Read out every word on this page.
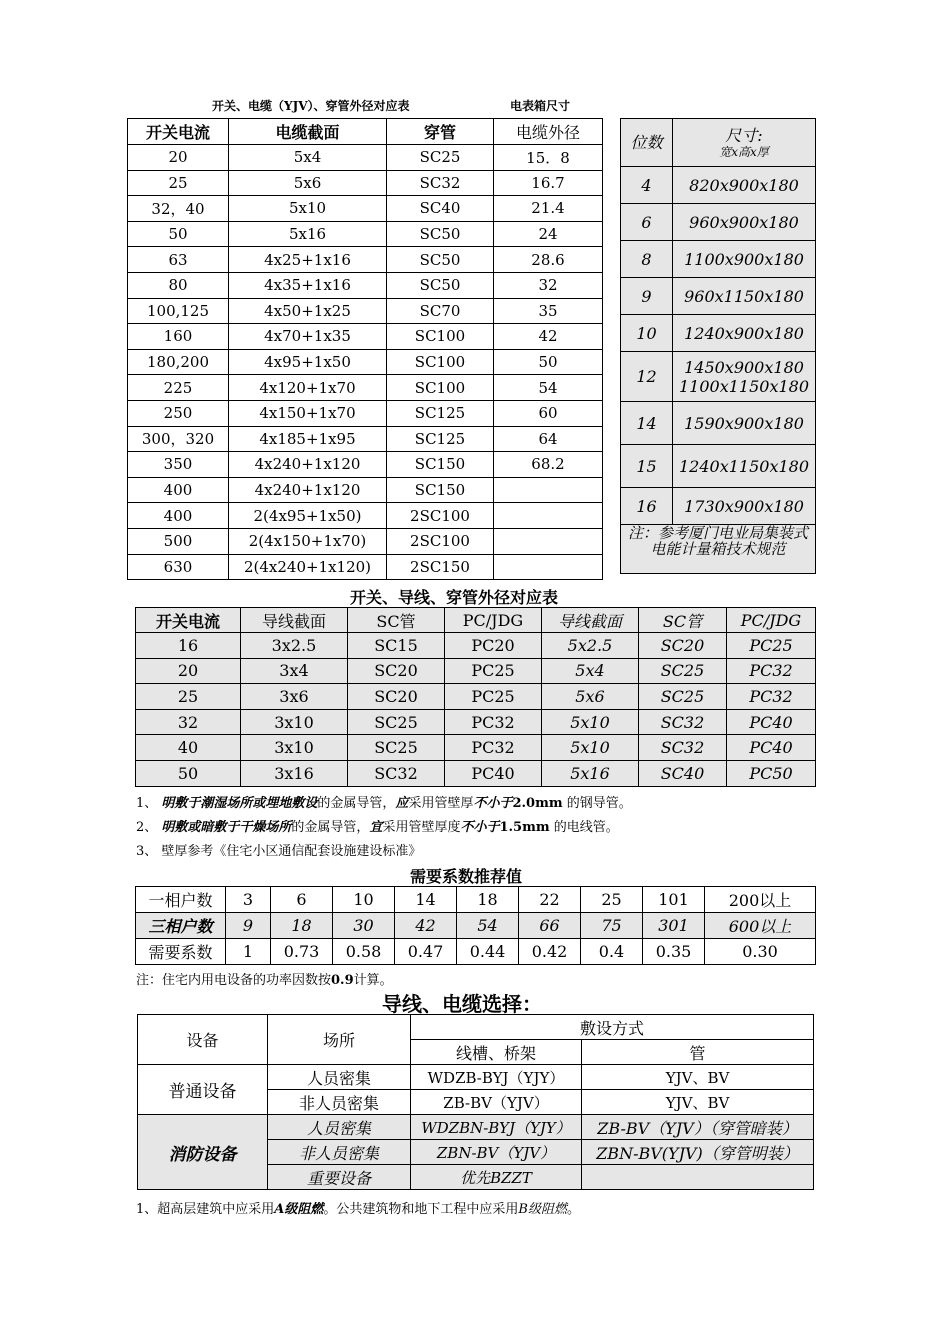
开关、电缆（YJV）、穿管外径对应表	电表箱尺寸
开关电流	电缆截面	穿管	电缆外径
20	5x4	SC25	15．8
25	5x6	SC32	16.7
32，40	5x10	SC40	21.4
50	5x16	SC50	24
63	4x25+1x16	SC50	28.6
80	4x35+1x16	SC50	32
100,125	4x50+1x25	SC70	35
160	4x70+1x35	SC100	42
180,200	4x95+1x50	SC100	50
225	4x120+1x70	SC100	54
250	4x150+1x70	SC125	60
300，320	4x185+1x95	SC125	64
350	4x240+1x120	SC150	68.2
400	4x240+1x120	SC150	
400	2(4x95+1x50)	2SC100	
500	2(4x150+1x70)	2SC100	
630	2(4x240+1x120)	2SC150	
位数	尺寸:
宽x高x厚

4	820x900x180

6	960x900x180

8	1100x900x180

9	960x1150x180

10	1240x900x180

12	1450x900x180
1100x1150x180

14	1590x900x180

15	1240x1150x180

16	1730x900x180

注：参考厦门电业局集装式电能计量箱技术规范	
开关、导线、穿管外径对应表
开关电流	导线截面	SC管	PC/JDG	导线截面	SC管	PC/JDG
16	3x2.5	SC15	PC20	5x2.5	SC20	PC25
20	3x4	SC20	PC25	5x4	SC25	PC32
25	3x6	SC20	PC25	5x6	SC25	PC32
32	3x10	SC25	PC32	5x10	SC32	PC40
40	3x10	SC25	PC32	5x10	SC32	PC40
50	3x16	SC32	PC40	5x16	SC40	PC50
1、 明敷于潮湿场所或埋地敷设的金属导管，应采用管壁厚不小于2.0mm 的钢导管。
2、 明敷或暗敷于干燥场所的金属导管，宜采用管壁厚度不小于1.5mm 的电线管。
3、 壁厚参考《住宅小区通信配套设施建设标准》
需要系数推荐值
一相户数	3	6	10	14	18	22	25	101	200以上
三相户数	9	18	30	42	54	66	75	301	600以上
需要系数	1	0.73	0.58	0.47	0.44	0.42	0.4	0.35	0.30
注：住宅内用电设备的功率因数按0.9计算。
导线、电缆选择：
设备	场所	敷设方式	
		线槽、桥架	管
普通设备	人员密集	WDZB-BYJ（YJY）	YJV、BV
	非人员密集	ZB-BV（YJV）	YJV、BV
消防设备	人员密集	WDZBN-BYJ（YJY）	ZB-BV（YJV）（穿管暗装）
	非人员密集	ZBN-BV（YJV）	ZBN-BV(YJV)（穿管明装）
	重要设备	优先BZZT	
1、超高层建筑中应采用A级阻燃。公共建筑物和地下工程中应采用B级阻燃。
